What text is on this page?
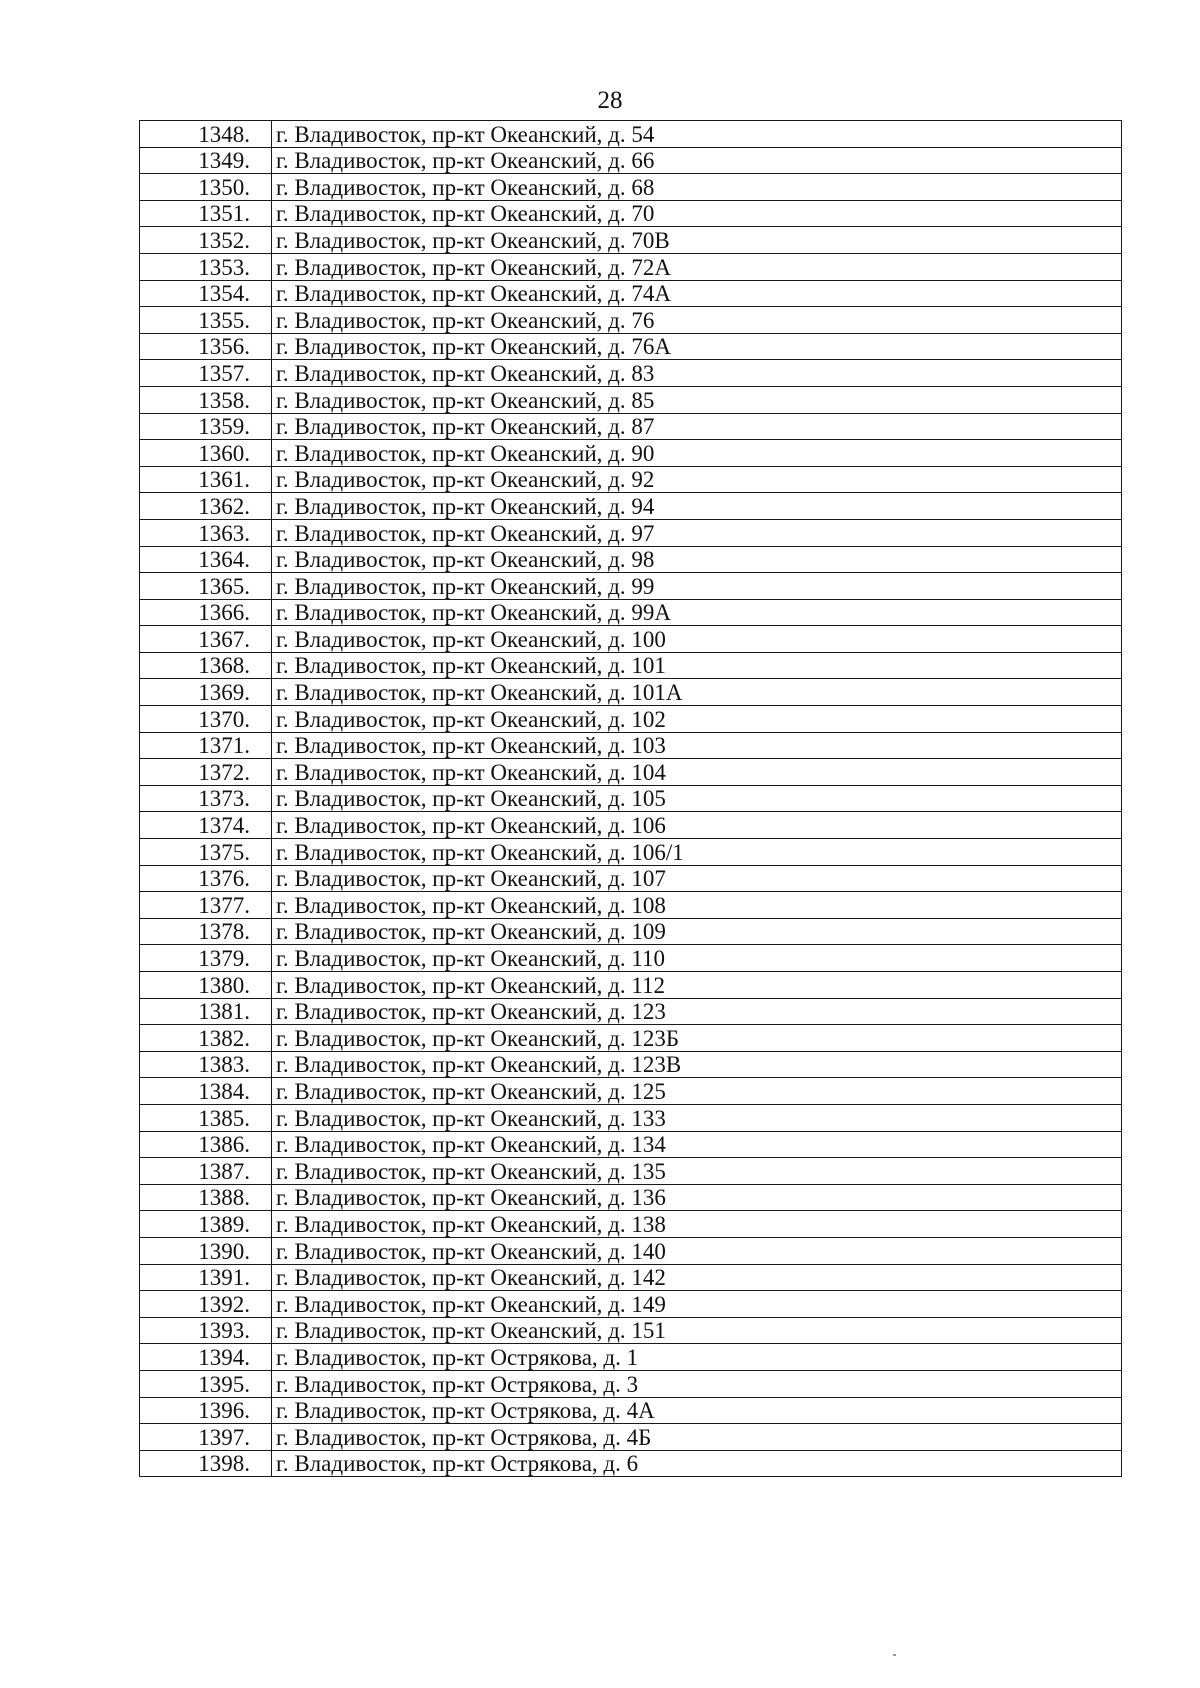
28
1348.	г. Владивосток, пр-кт Океанский, д. 54
1349.	г. Владивосток, пр-кт Океанский, д. 66
1350.	г. Владивосток, пр-кт Океанский, д. 68
1351.	г. Владивосток, пр-кт Океанский, д. 70
1352.	г. Владивосток, пр-кт Океанский, д. 70В
1353.	г. Владивосток, пр-кт Океанский, д. 72А
1354.	г. Владивосток, пр-кт Океанский, д. 74А
1355.	г. Владивосток, пр-кт Океанский, д. 76
1356.	г. Владивосток, пр-кт Океанский, д. 76А
1357.	г. Владивосток, пр-кт Океанский, д. 83
1358.	г. Владивосток, пр-кт Океанский, д. 85
1359.	г. Владивосток, пр-кт Океанский, д. 87
1360.	г. Владивосток, пр-кт Океанский, д. 90
1361.	г. Владивосток, пр-кт Океанский, д. 92
1362.	г. Владивосток, пр-кт Океанский, д. 94
1363.	г. Владивосток, пр-кт Океанский, д. 97
1364.	г. Владивосток, пр-кт Океанский, д. 98
1365.	г. Владивосток, пр-кт Океанский, д. 99
1366.	г. Владивосток, пр-кт Океанский, д. 99А
1367.	г. Владивосток, пр-кт Океанский, д. 100
1368.	г. Владивосток, пр-кт Океанский, д. 101
1369.	г. Владивосток, пр-кт Океанский, д. 101А
1370.	г. Владивосток, пр-кт Океанский, д. 102
1371.	г. Владивосток, пр-кт Океанский, д. 103
1372.	г. Владивосток, пр-кт Океанский, д. 104
1373.	г. Владивосток, пр-кт Океанский, д. 105
1374.	г. Владивосток, пр-кт Океанский, д. 106
1375.	г. Владивосток, пр-кт Океанский, д. 106/1
1376.	г. Владивосток, пр-кт Океанский, д. 107
1377.	г. Владивосток, пр-кт Океанский, д. 108
1378.	г. Владивосток, пр-кт Океанский, д. 109
1379.	г. Владивосток, пр-кт Океанский, д. 110
1380.	г. Владивосток, пр-кт Океанский, д. 112
1381.	г. Владивосток, пр-кт Океанский, д. 123
1382.	г. Владивосток, пр-кт Океанский, д. 123Б
1383.	г. Владивосток, пр-кт Океанский, д. 123В
1384.	г. Владивосток, пр-кт Океанский, д. 125
1385.	г. Владивосток, пр-кт Океанский, д. 133
1386.	г. Владивосток, пр-кт Океанский, д. 134
1387.	г. Владивосток, пр-кт Океанский, д. 135
1388.	г. Владивосток, пр-кт Океанский, д. 136
1389.	г. Владивосток, пр-кт Океанский, д. 138
1390.	г. Владивосток, пр-кт Океанский, д. 140
1391.	г. Владивосток, пр-кт Океанский, д. 142
1392.	г. Владивосток, пр-кт Океанский, д. 149
1393.	г. Владивосток, пр-кт Океанский, д. 151
1394.	г. Владивосток, пр-кт Острякова, д. 1
1395.	г. Владивосток, пр-кт Острякова, д. 3
1396.	г. Владивосток, пр-кт Острякова, д. 4А
1397.	г. Владивосток, пр-кт Острякова, д. 4Б
1398.	г. Владивосток, пр-кт Острякова, д. 6
